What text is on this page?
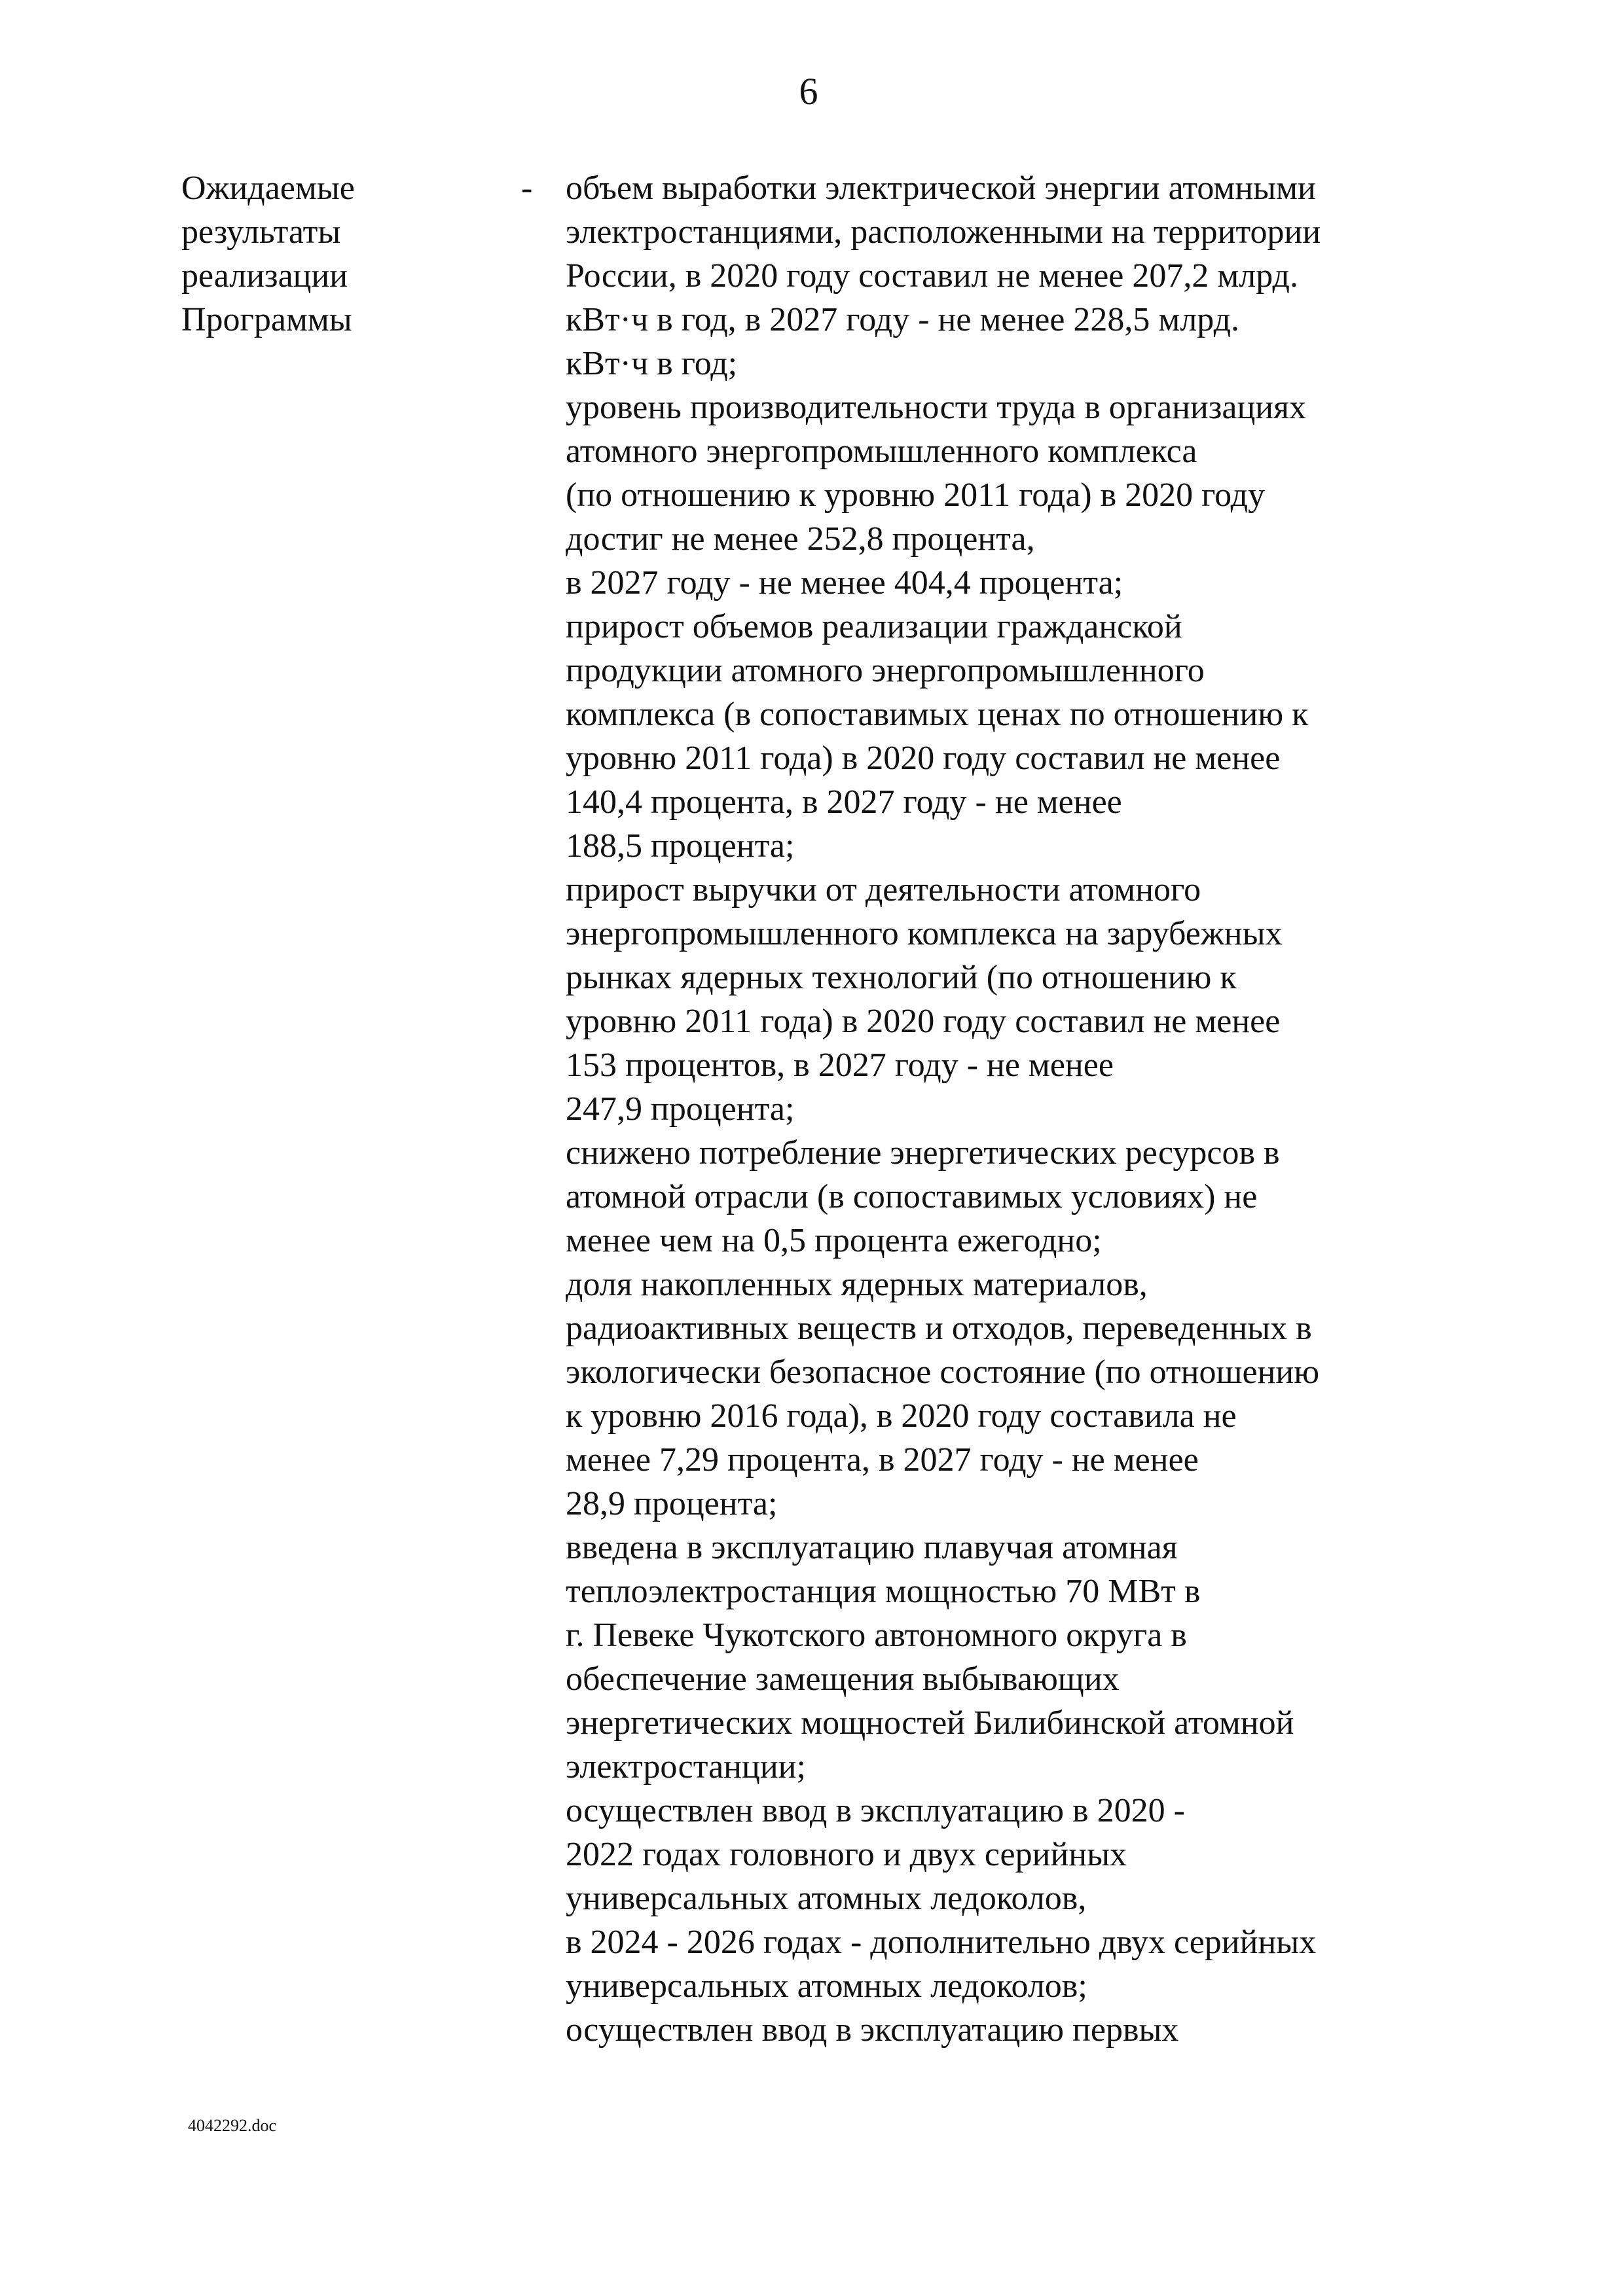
6
Ожидаемые
результаты
реализации
Программы
- объем выработки электрической энергии атомными
электростанциями, расположенными на территории
России, в 2020 году составил не менее 207,2 млрд.
кВт·ч в год, в 2027 году - не менее 228,5 млрд.
кВт·ч в год;
уровень производительности труда в организациях
атомного энергопромышленного комплекса
(по отношению к уровню 2011 года) в 2020 году
достиг не менее 252,8 процента,
в 2027 году - не менее 404,4 процента;
прирост объемов реализации гражданской
продукции атомного энергопромышленного
комплекса (в сопоставимых ценах по отношению к
уровню 2011 года) в 2020 году составил не менее
140,4 процента, в 2027 году - не менее
188,5 процента;
прирост выручки от деятельности атомного
энергопромышленного комплекса на зарубежных
рынках ядерных технологий (по отношению к
уровню 2011 года) в 2020 году составил не менее
153 процентов, в 2027 году - не менее
247,9 процента;
снижено потребление энергетических ресурсов в
атомной отрасли (в сопоставимых условиях) не
менее чем на 0,5 процента ежегодно;
доля накопленных ядерных материалов,
радиоактивных веществ и отходов, переведенных в
экологически безопасное состояние (по отношению
к уровню 2016 года), в 2020 году составила не
менее 7,29 процента, в 2027 году - не менее
28,9 процента;
введена в эксплуатацию плавучая атомная
теплоэлектростанция мощностью 70 МВт в
г. Певеке Чукотского автономного округа в
обеспечение замещения выбывающих
энергетических мощностей Билибинской атомной
электростанции;
осуществлен ввод в эксплуатацию в 2020 -
2022 годах головного и двух серийных
универсальных атомных ледоколов,
в 2024 - 2026 годах - дополнительно двух серийных
универсальных атомных ледоколов;
осуществлен ввод в эксплуатацию первых
4042292.doc
